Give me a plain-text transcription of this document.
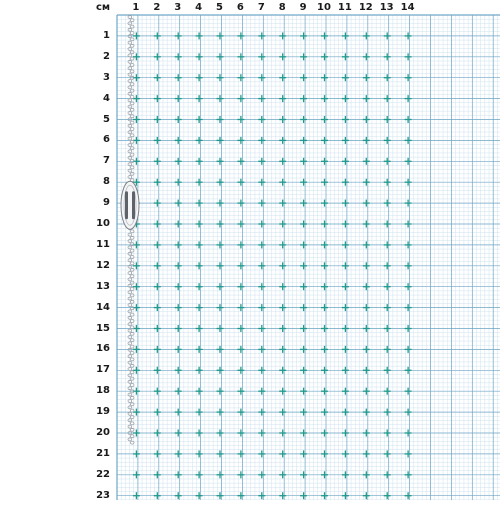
см 1 2 3 4 5 6 7 8 9 10 11 12 13 14
1
2
3
4
5
6
7
8
9
10
11
12
13
14
15
16
17
18
19
20
21
22
23
